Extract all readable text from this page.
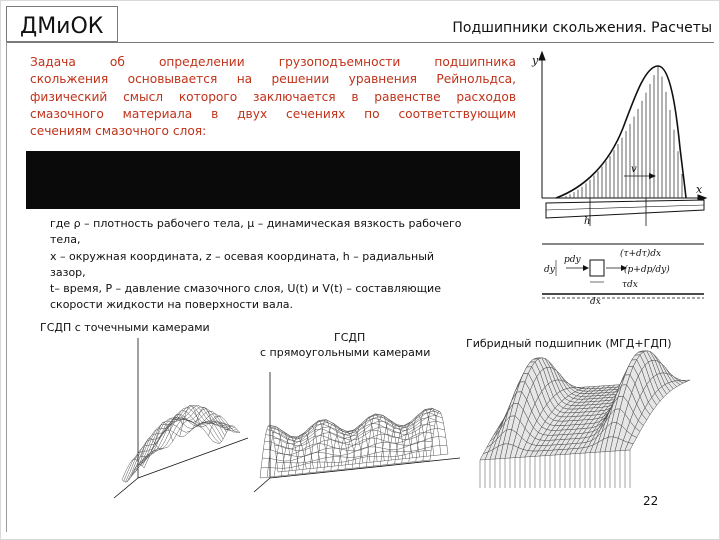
ДМиОК	Подшипники скольжения. Расчеты
Задача об определении грузоподъемности подшипника
скольжения основывается на решении уравнения Рейнольдса,
физический смысл которого заключается в равенстве расходов
смазочного материала в двух сечениях по соответствующим
сечениям смазочного слоя:
где ρ – плотность рабочего тела, μ – динамическая вязкость рабочего
тела,
x – окружная координата, z – осевая координата, h – радиальный
зазор,
t– время, P – давление смазочного слоя, U(t) и V(t) – составляющие
скорости жидкости на поверхности вала.
y
x
v
h
pdy
(τ+dτ)dx
(p+dp/dy)
τdx
dx
dy
ГСДП с точечными камерами
ГСДП
с прямоугольными камерами
Гибридный подшипник (МГД+ГДП)
22
